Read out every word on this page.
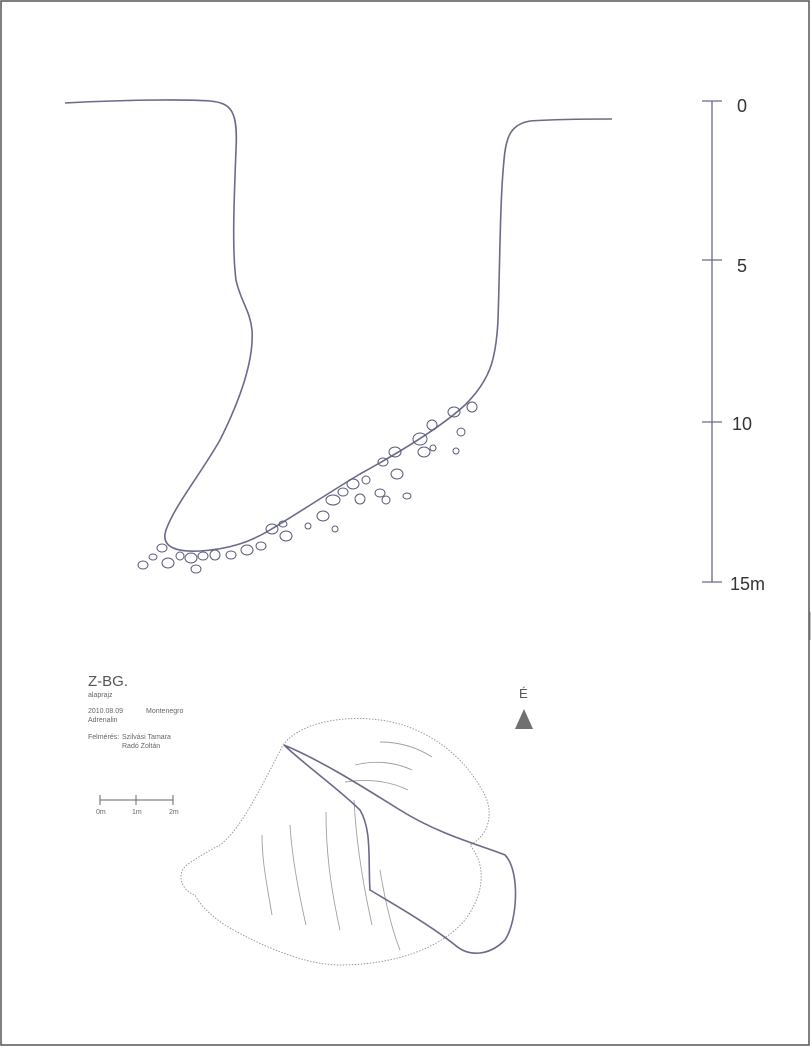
0
5
10
15m
Z-BG.
alaprajz
2010.08.09	Montenegro
Adrenalin
Felmérés: Szilvási Tamara
Radó Zoltán
0m	1m	2m
É
